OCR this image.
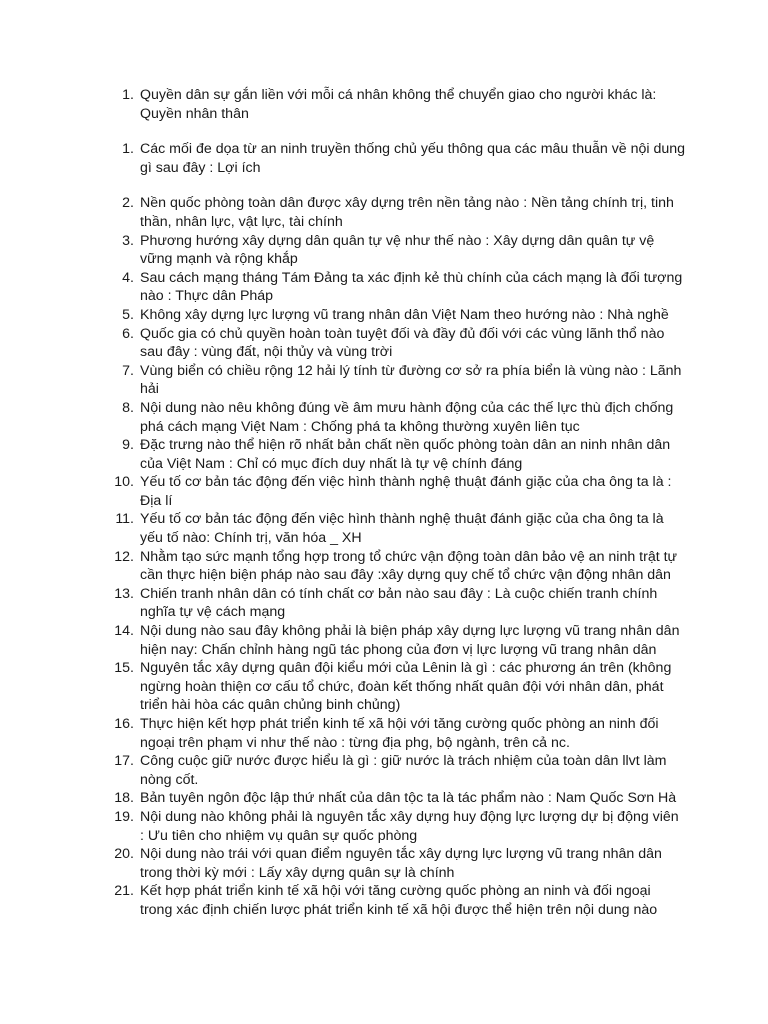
1. Quyền dân sự gắn liền với mỗi cá nhân không thể chuyển giao cho người khác là: Quyền nhân thân
1. Các mối đe dọa từ an ninh truyền thống chủ yếu thông qua các mâu thuẫn về nội dung gì sau đây : Lợi ích
2. Nền quốc phòng toàn dân được xây dựng trên nền tảng nào : Nền tảng chính trị, tinh thần, nhân lực, vật lực, tài chính
3. Phương hướng xây dựng dân quân tự vệ như thế nào : Xây dựng dân quân tự vệ vững mạnh và rộng khắp
4. Sau cách mạng tháng Tám Đảng ta xác định kẻ thù chính của cách mạng là đối tượng nào : Thực dân Pháp
5. Không xây dựng lực lượng vũ trang nhân dân Việt Nam theo hướng nào : Nhà nghề
6. Quốc gia có chủ quyền hoàn toàn tuyệt đối và đầy đủ đối với các vùng lãnh thổ nào sau đây : vùng đất, nội thủy và vùng trời
7. Vùng biển có chiều rộng 12 hải lý tính từ đường cơ sở ra phía biển là vùng nào : Lãnh hải
8. Nội dung nào nêu không đúng về âm mưu hành động của các thế lực thù địch chống phá cách mạng Việt Nam : Chống phá ta không thường xuyên liên tục
9. Đặc trưng nào thể hiện rõ nhất bản chất nền quốc phòng toàn dân an ninh nhân dân của Việt Nam : Chỉ có mục đích duy nhất là tự vệ chính đáng
10. Yếu tố cơ bản tác động đến việc hình thành nghệ thuật đánh giặc của cha ông ta là : Địa lí
11. Yếu tố cơ bản tác động đến việc hình thành nghệ thuật đánh giặc của cha ông ta là yếu tố nào: Chính trị, văn hóa _ XH
12. Nhằm tạo sức mạnh tổng hợp trong tổ chức vận động toàn dân bảo vệ an ninh trật tự cần thực hiện biện pháp nào sau đây :xây dựng quy chế tổ chức vận động nhân dân
13. Chiến tranh nhân dân có tính chất cơ bản nào sau đây : Là cuộc chiến tranh chính nghĩa tự vệ cách mạng
14. Nội dung nào sau đây không phải là biện pháp xây dựng lực lượng vũ trang nhân dân hiện nay: Chấn chỉnh hàng ngũ tác phong của đơn vị lực lượng vũ trang nhân dân
15. Nguyên tắc xây dựng quân đội kiểu mới của Lênin là gì : các phương án trên (không ngừng hoàn thiện cơ cấu tổ chức, đoàn kết thống nhất quân đội với nhân dân, phát triển hài hòa các quân chủng binh chủng)
16. Thực hiện kết hợp phát triển kinh tế xã hội với tăng cường quốc phòng an ninh đối ngoại trên phạm vi như thế nào : từng địa phg, bộ ngành, trên cả nc.
17. Công cuộc giữ nước được hiểu là gì : giữ nước là trách nhiệm của toàn dân llvt làm nòng cốt.
18. Bản tuyên ngôn độc lập thứ nhất của dân tộc ta là tác phẩm nào : Nam Quốc Sơn Hà
19. Nội dung nào không phải là nguyên tắc xây dựng huy động lực lượng dự bị động viên : Ưu tiên cho nhiệm vụ quân sự quốc phòng
20. Nội dung nào trái với quan điểm nguyên tắc xây dựng lực lượng vũ trang nhân dân trong thời kỳ mới : Lấy xây dựng quân sự là chính
21. Kết hợp phát triển kinh tế xã hội với tăng cường quốc phòng an ninh và đối ngoại trong xác định chiến lược phát triển kinh tế xã hội được thể hiện trên nội dung nào
